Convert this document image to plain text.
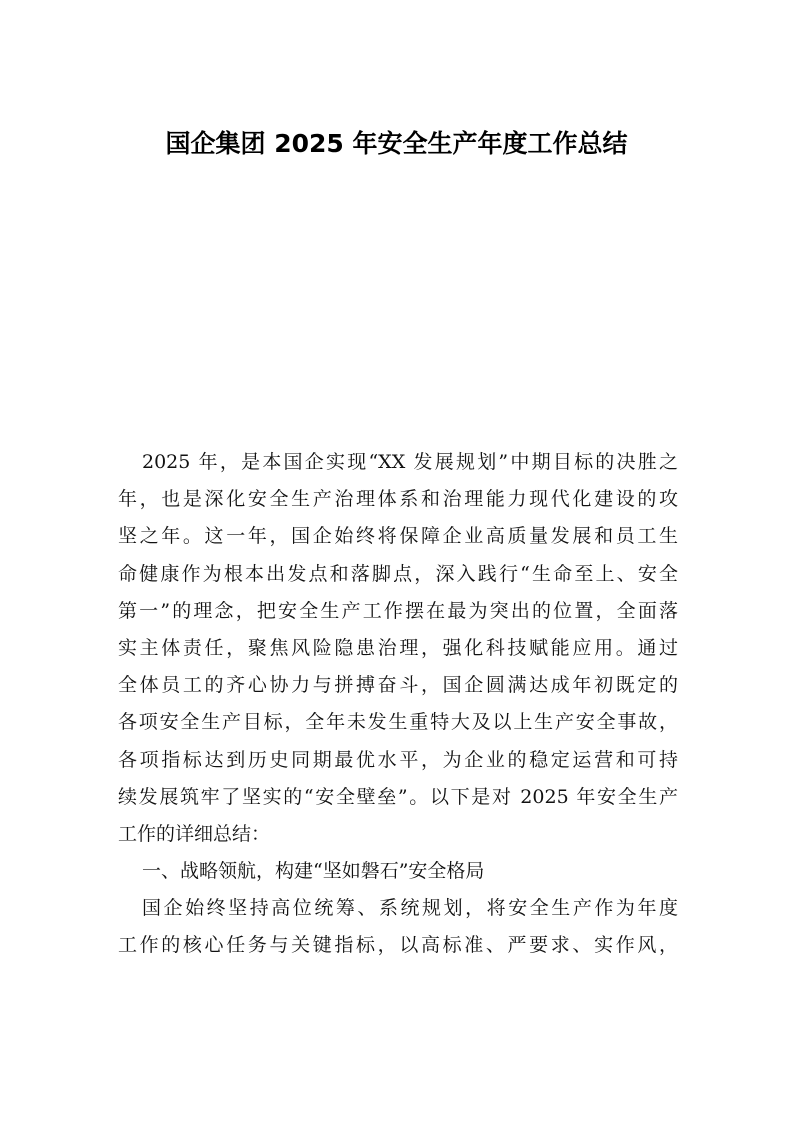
国企集团 2025 年安全生产年度工作总结
2025 年，是本国企实现“XX 发展规划”中期目标的决胜之
年，也是深化安全生产治理体系和治理能力现代化建设的攻
坚之年。这一年，国企始终将保障企业高质量发展和员工生
命健康作为根本出发点和落脚点，深入践行“生命至上、安全
第一”的理念，把安全生产工作摆在最为突出的位置，全面落
实主体责任，聚焦风险隐患治理，强化科技赋能应用。通过
全体员工的齐心协力与拼搏奋斗，国企圆满达成年初既定的
各项安全生产目标，全年未发生重特大及以上生产安全事故，
各项指标达到历史同期最优水平，为企业的稳定运营和可持
续发展筑牢了坚实的“安全壁垒”。以下是对 2025 年安全生产
工作的详细总结：
一、战略领航，构建“坚如磐石”安全格局
国企始终坚持高位统筹、系统规划，将安全生产作为年度
工作的核心任务与关键指标，以高标准、严要求、实作风，
